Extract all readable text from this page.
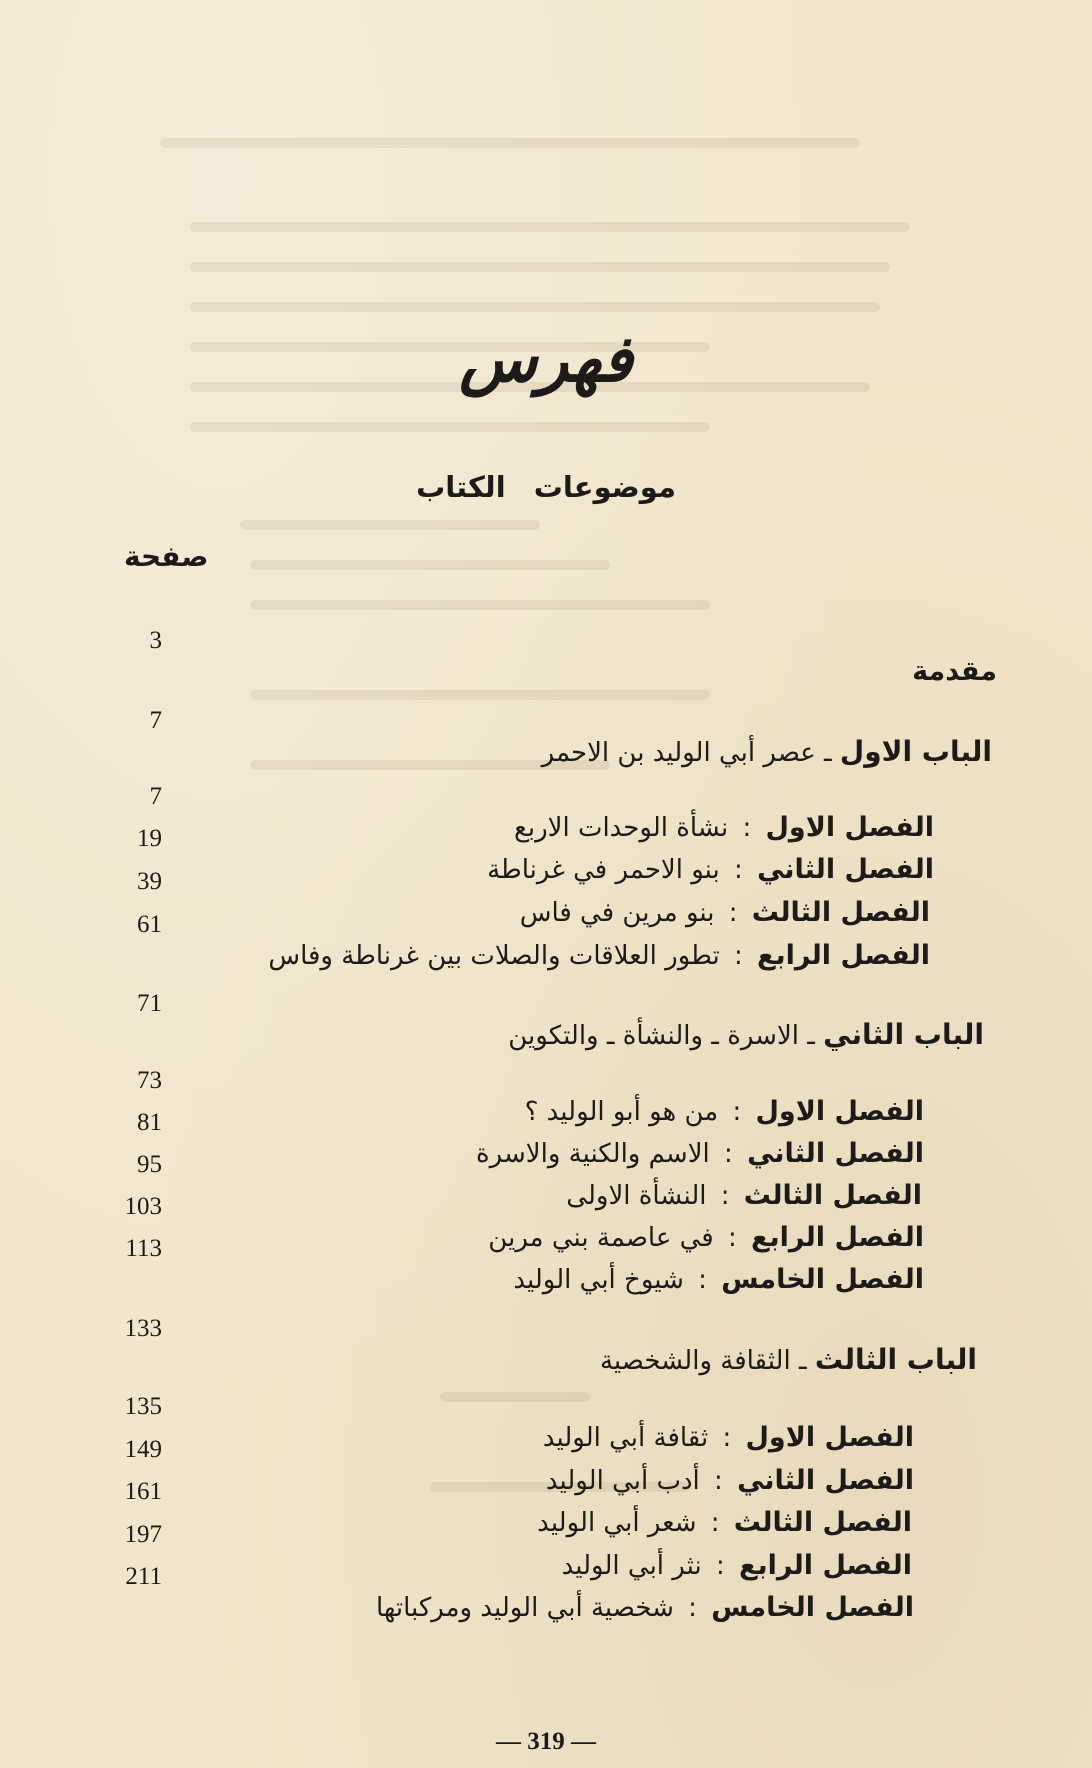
فهرس
موضوعات الكتاب
صفحة
3
مقدمة
7
الباب الاول ـ عصر أبي الوليد بن الاحمر
7
الفصل الاول : نشأة الوحدات الاربع
19
الفصل الثاني : بنو الاحمر في غرناطة
39
الفصل الثالث : بنو مرين في فاس
61
الفصل الرابع : تطور العلاقات والصلات بين غرناطة وفاس
71
الباب الثاني ـ الاسرة ـ والنشأة ـ والتكوين
73
الفصل الاول : من هو أبو الوليد ؟
81
الفصل الثاني : الاسم والكنية والاسرة
95
الفصل الثالث : النشأة الاولى
103
الفصل الرابع : في عاصمة بني مرين
113
الفصل الخامس : شيوخ أبي الوليد
133
الباب الثالث ـ الثقافة والشخصية
135
الفصل الاول : ثقافة أبي الوليد
149
الفصل الثاني : أدب أبي الوليد
161
الفصل الثالث : شعر أبي الوليد
197
الفصل الرابع : نثر أبي الوليد
211
الفصل الخامس : شخصية أبي الوليد ومركباتها
— 319 —
